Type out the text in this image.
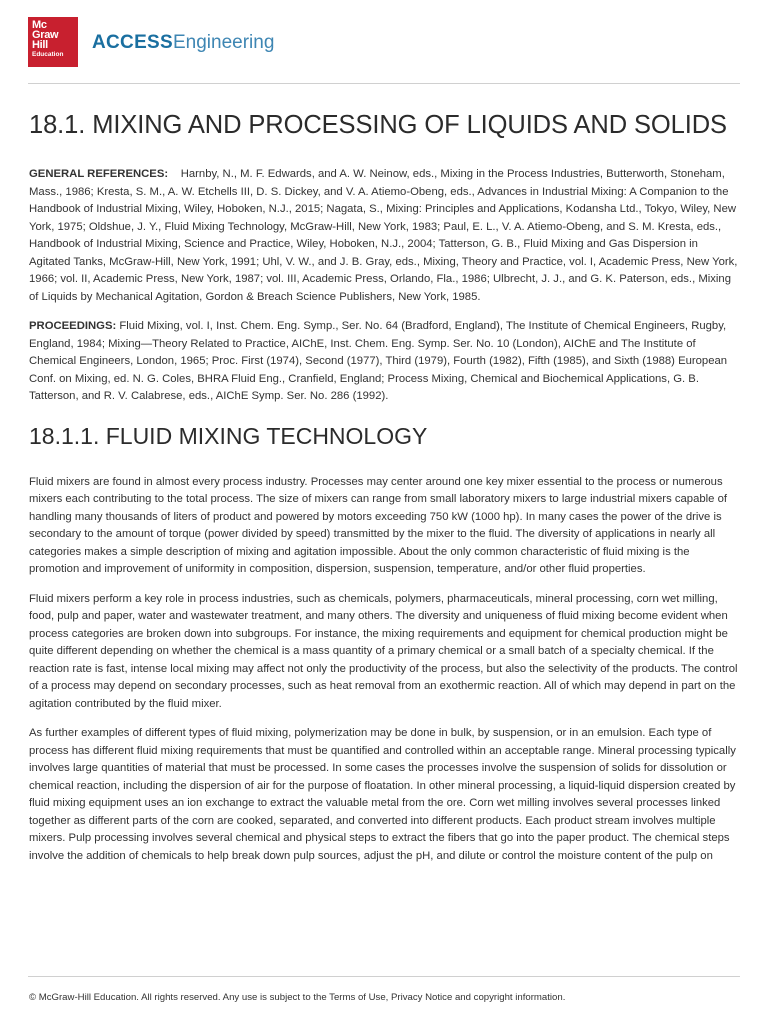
Mc
Graw
Hill
Education
ACCESSEngineering
18.1. MIXING AND PROCESSING OF LIQUIDS AND SOLIDS

GENERAL REFERENCES: Harnby, N., M. F. Edwards, and A. W. Neinow, eds., Mixing in the Process Industries, Butterworth, Stoneham, Mass., 1986; Kresta, S. M., A. W. Etchells III, D. S. Dickey, and V. A. Atiemo-Obeng, eds., Advances in Industrial Mixing: A Companion to the Handbook of Industrial Mixing, Wiley, Hoboken, N.J., 2015; Nagata, S., Mixing: Principles and Applications, Kodansha Ltd., Tokyo, Wiley, New York, 1975; Oldshue, J. Y., Fluid Mixing Technology, McGraw-Hill, New York, 1983; Paul, E. L., V. A. Atiemo-Obeng, and S. M. Kresta, eds., Handbook of Industrial Mixing, Science and Practice, Wiley, Hoboken, N.J., 2004; Tatterson, G. B., Fluid Mixing and Gas Dispersion in Agitated Tanks, McGraw-Hill, New York, 1991; Uhl, V. W., and J. B. Gray, eds., Mixing, Theory and Practice, vol. I, Academic Press, New York, 1966; vol. II, Academic Press, New York, 1987; vol. III, Academic Press, Orlando, Fla., 1986; Ulbrecht, J. J., and G. K. Paterson, eds., Mixing of Liquids by Mechanical Agitation, Gordon & Breach Science Publishers, New York, 1985.

PROCEEDINGS: Fluid Mixing, vol. I, Inst. Chem. Eng. Symp., Ser. No. 64 (Bradford, England), The Institute of Chemical Engineers, Rugby, England, 1984; Mixing—Theory Related to Practice, AIChE, Inst. Chem. Eng. Symp. Ser. No. 10 (London), AIChE and The Institute of Chemical Engineers, London, 1965; Proc. First (1974), Second (1977), Third (1979), Fourth (1982), Fifth (1985), and Sixth (1988) European Conf. on Mixing, ed. N. G. Coles, BHRA Fluid Eng., Cranfield, England; Process Mixing, Chemical and Biochemical Applications, G. B. Tatterson, and R. V. Calabrese, eds., AIChE Symp. Ser. No. 286 (1992).

18.1.1. FLUID MIXING TECHNOLOGY

Fluid mixers are found in almost every process industry. Processes may center around one key mixer essential to the process or numerous mixers each contributing to the total process. The size of mixers can range from small laboratory mixers to large industrial mixers capable of handling many thousands of liters of product and powered by motors exceeding 750 kW (1000 hp). In many cases the power of the drive is secondary to the amount of torque (power divided by speed) transmitted by the mixer to the fluid. The diversity of applications in nearly all categories makes a simple description of mixing and agitation impossible. About the only common characteristic of fluid mixing is the promotion and improvement of uniformity in composition, dispersion, suspension, temperature, and/or other fluid properties.

Fluid mixers perform a key role in process industries, such as chemicals, polymers, pharmaceuticals, mineral processing, corn wet milling, food, pulp and paper, water and wastewater treatment, and many others. The diversity and uniqueness of fluid mixing become evident when process categories are broken down into subgroups. For instance, the mixing requirements and equipment for chemical production might be quite different depending on whether the chemical is a mass quantity of a primary chemical or a small batch of a specialty chemical. If the reaction rate is fast, intense local mixing may affect not only the productivity of the process, but also the selectivity of the products. The control of a process may depend on secondary processes, such as heat removal from an exothermic reaction. All of which may depend in part on the agitation contributed by the fluid mixer.

As further examples of different types of fluid mixing, polymerization may be done in bulk, by suspension, or in an emulsion. Each type of process has different fluid mixing requirements that must be quantified and controlled within an acceptable range. Mineral processing typically involves large quantities of material that must be processed. In some cases the processes involve the suspension of solids for dissolution or chemical reaction, including the dispersion of air for the purpose of floatation. In other mineral processing, a liquid-liquid dispersion created by fluid mixing equipment uses an ion exchange to extract the valuable metal from the ore. Corn wet milling involves several processes linked together as different parts of the corn are cooked, separated, and converted into different products. Each product stream involves multiple mixers. Pulp processing involves several chemical and physical steps to extract the fibers that go into the paper product. The chemical steps involve the addition of chemicals to help break down pulp sources, adjust the pH, and dilute or control the moisture content of the pulp on

© McGraw-Hill Education. All rights reserved. Any use is subject to the Terms of Use, Privacy Notice and copyright information.
